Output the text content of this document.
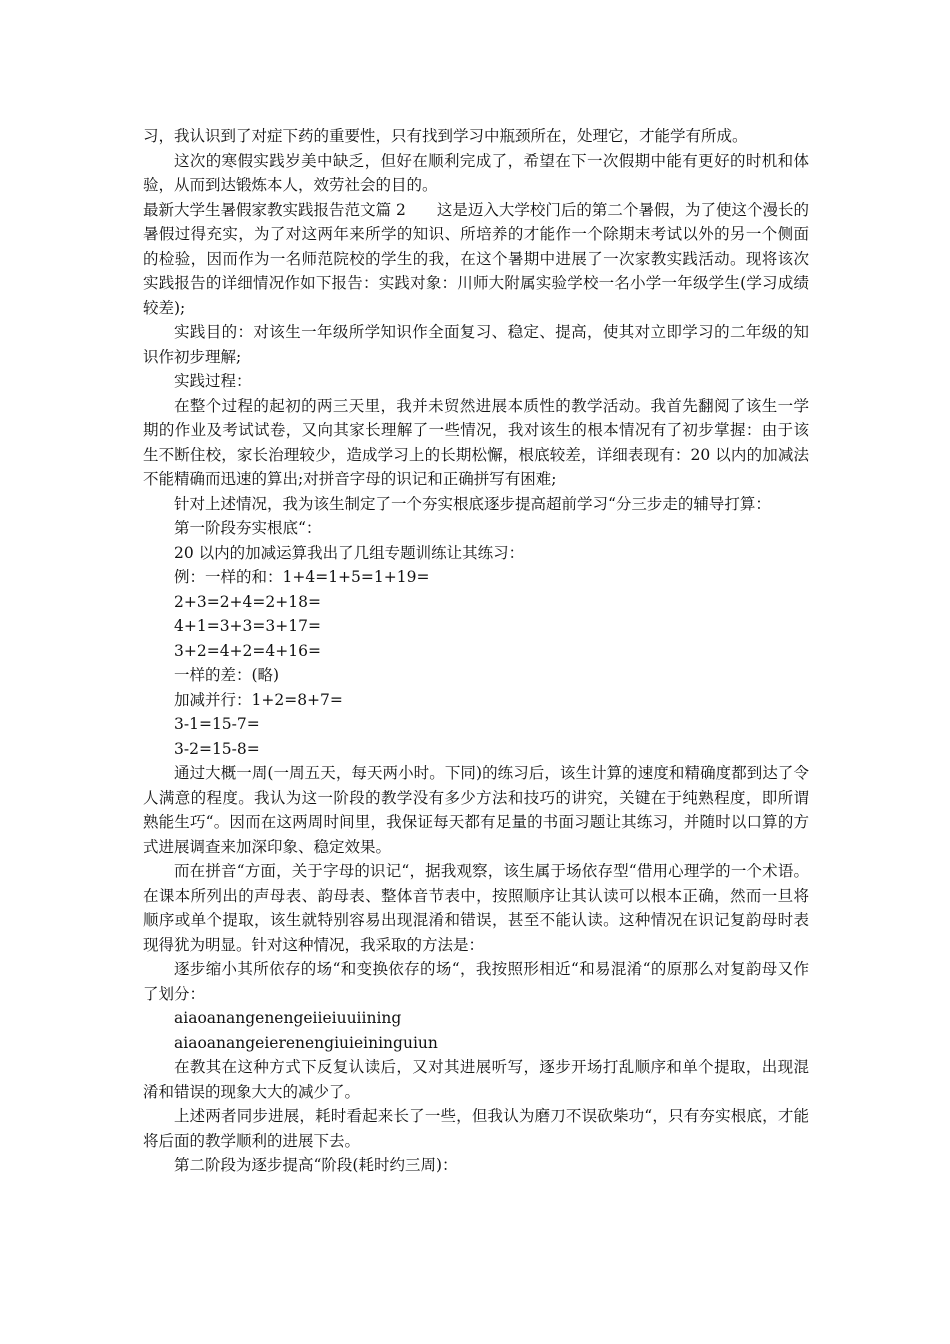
习，我认识到了对症下药的重要性，只有找到学习中瓶颈所在，处理它，才能学有所成。

这次的寒假实践岁美中缺乏，但好在顺利完成了，希望在下一次假期中能有更好的时机和体验，从而到达锻炼本人，效劳社会的目的。

最新大学生暑假家教实践报告范文篇 2　　这是迈入大学校门后的第二个暑假，为了使这个漫长的暑假过得充实，为了对这两年来所学的知识、所培养的才能作一个除期末考试以外的另一个侧面的检验，因而作为一名师范院校的学生的我，在这个暑期中进展了一次家教实践活动。现将该次实践报告的详细情况作如下报告：实践对象：川师大附属实验学校一名小学一年级学生(学习成绩较差);

实践目的：对该生一年级所学知识作全面复习、稳定、提高，使其对立即学习的二年级的知识作初步理解;

实践过程：

在整个过程的起初的两三天里，我并未贸然进展本质性的教学活动。我首先翻阅了该生一学期的作业及考试试卷，又向其家长理解了一些情况，我对该生的根本情况有了初步掌握：由于该生不断住校，家长治理较少，造成学习上的长期松懈，根底较差，详细表现有：20 以内的加减法不能精确而迅速的算出;对拼音字母的识记和正确拼写有困难;

针对上述情况，我为该生制定了一个夯实根底逐步提高超前学习“分三步走的辅导打算：

第一阶段夯实根底“：

20 以内的加减运算我出了几组专题训练让其练习：

例：一样的和：1+4=1+5=1+19=

2+3=2+4=2+18=

4+1=3+3=3+17=

3+2=4+2=4+16=

一样的差：(略)

加减并行：1+2=8+7=

3-1=15-7=

3-2=15-8=

通过大概一周(一周五天，每天两小时。下同)的练习后，该生计算的速度和精确度都到达了令人满意的程度。我认为这一阶段的教学没有多少方法和技巧的讲究，关键在于纯熟程度，即所谓熟能生巧“。因而在这两周时间里，我保证每天都有足量的书面习题让其练习，并随时以口算的方式进展调查来加深印象、稳定效果。

而在拼音“方面，关于字母的识记“，据我观察，该生属于场依存型“借用心理学的一个术语。在课本所列出的声母表、韵母表、整体音节表中，按照顺序让其认读可以根本正确，然而一旦将顺序或单个提取，该生就特别容易出现混淆和错误，甚至不能认读。这种情况在识记复韵母时表现得犹为明显。针对这种情况，我采取的方法是：

逐步缩小其所依存的场“和变换依存的场“，我按照形相近“和易混淆“的原那么对复韵母又作了划分：

aiaoanangenengeiieiuuiining

aiaoanangeierenengiuieininguiun

在教其在这种方式下反复认读后，又对其进展听写，逐步开场打乱顺序和单个提取，出现混淆和错误的现象大大的减少了。

上述两者同步进展，耗时看起来长了一些，但我认为磨刀不误砍柴功“，只有夯实根底，才能将后面的教学顺利的进展下去。

第二阶段为逐步提高“阶段(耗时约三周)：
